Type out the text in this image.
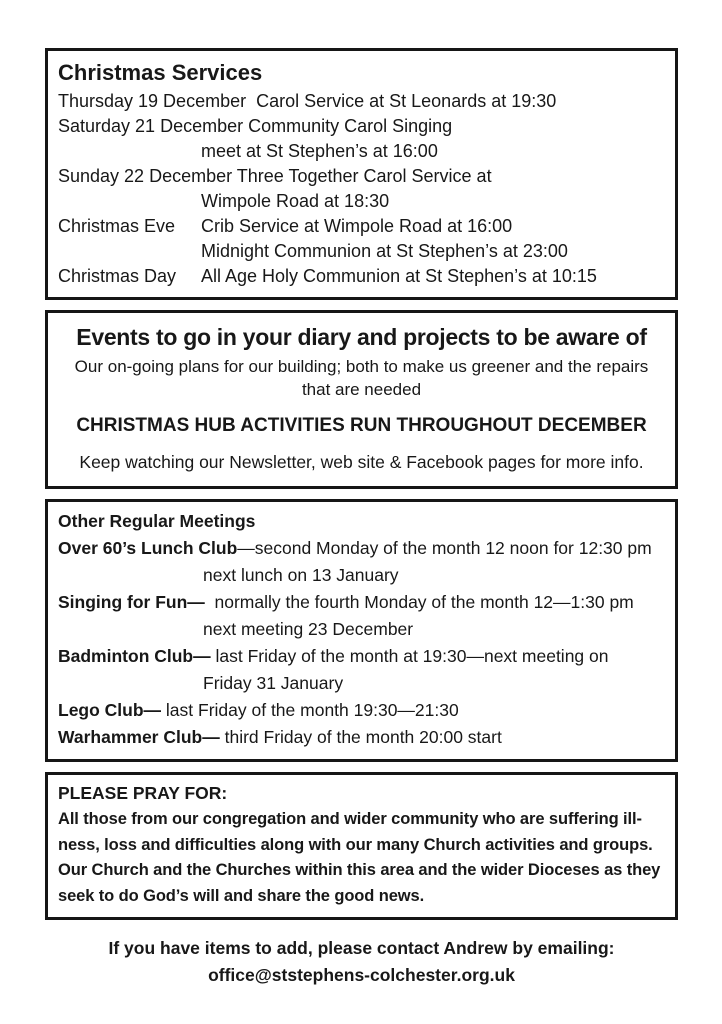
Christmas Services
Thursday 19 December  Carol Service at St Leonards at 19:30
Saturday 21 December Community Carol Singing
meet at St Stephen’s at 16:00
Sunday 22 December Three Together Carol Service at
Wimpole Road at 18:30
Christmas Eve Crib Service at Wimpole Road at 16:00
Midnight Communion at St Stephen’s at 23:00
Christmas Day All Age Holy Communion at St Stephen’s at 10:15
Events to go in your diary and projects to be aware of
Our on-going plans for our building; both to make us greener and the repairs
that are needed
CHRISTMAS HUB ACTIVITIES RUN THROUGHOUT DECEMBER
Keep watching our Newsletter, web site & Facebook pages for more info.
Other Regular Meetings
Over 60’s Lunch Club—second Monday of the month 12 noon for 12:30 pm
next lunch on 13 January
Singing for Fun—  normally the fourth Monday of the month 12—1:30 pm
next meeting 23 December
Badminton Club— last Friday of the month at 19:30—next meeting on
Friday 31 January
Lego Club— last Friday of the month 19:30—21:30
Warhammer Club— third Friday of the month 20:00 start
PLEASE PRAY FOR:
All those from our congregation and wider community who are suffering ill-
ness, loss and difficulties along with our many Church activities and groups.
Our Church and the Churches within this area and the wider Dioceses as they
seek to do God’s will and share the good news.
If you have items to add, please contact Andrew by emailing:
office@ststephens-colchester.org.uk
